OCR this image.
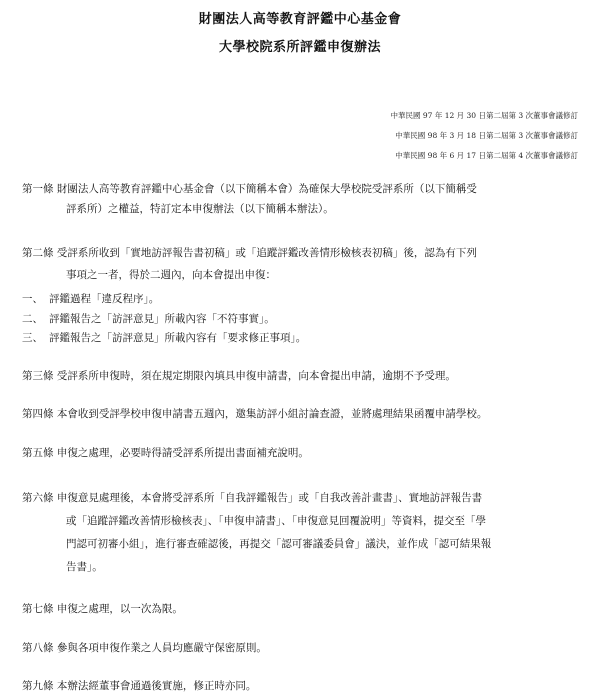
財團法人高等教育評鑑中心基金會
大學校院系所評鑑申復辦法
中華民國 97 年 12 月 30 日第二屆第 3 次董事會議修訂
中華民國 98 年 3 月 18 日第二屆第 3 次董事會議修訂
中華民國 98 年 6 月 17 日第二屆第 4 次董事會議修訂
第一條 財團法人高等教育評鑑中心基金會（以下簡稱本會）為確保大學校院受評系所（以下簡稱受
評系所）之權益，特訂定本申復辦法（以下簡稱本辦法）。
第二條 受評系所收到「實地訪評報告書初稿」或「追蹤評鑑改善情形檢核表初稿」後，認為有下列
事項之一者，得於二週內，向本會提出申復：
一、 評鑑過程「違反程序」。
二、 評鑑報告之「訪評意見」所載內容「不符事實」。
三、 評鑑報告之「訪評意見」所載內容有「要求修正事項」。
第三條 受評系所申復時，須在規定期限內填具申復申請書，向本會提出申請，逾期不予受理。
第四條 本會收到受評學校申復申請書五週內，邀集訪評小組討論查證，並將處理結果函覆申請學校。
第五條 申復之處理，必要時得請受評系所提出書面補充說明。
第六條 申復意見處理後，本會將受評系所「自我評鑑報告」或「自我改善計畫書」、實地訪評報告書
或「追蹤評鑑改善情形檢核表」、「申復申請書」、「申復意見回覆說明」等資料，提交至「學
門認可初審小組」，進行審查確認後，再提交「認可審議委員會」議決，並作成「認可結果報
告書」。
第七條 申復之處理，以一次為限。
第八條 參與各項申復作業之人員均應嚴守保密原則。
第九條 本辦法經董事會通過後實施，修正時亦同。
